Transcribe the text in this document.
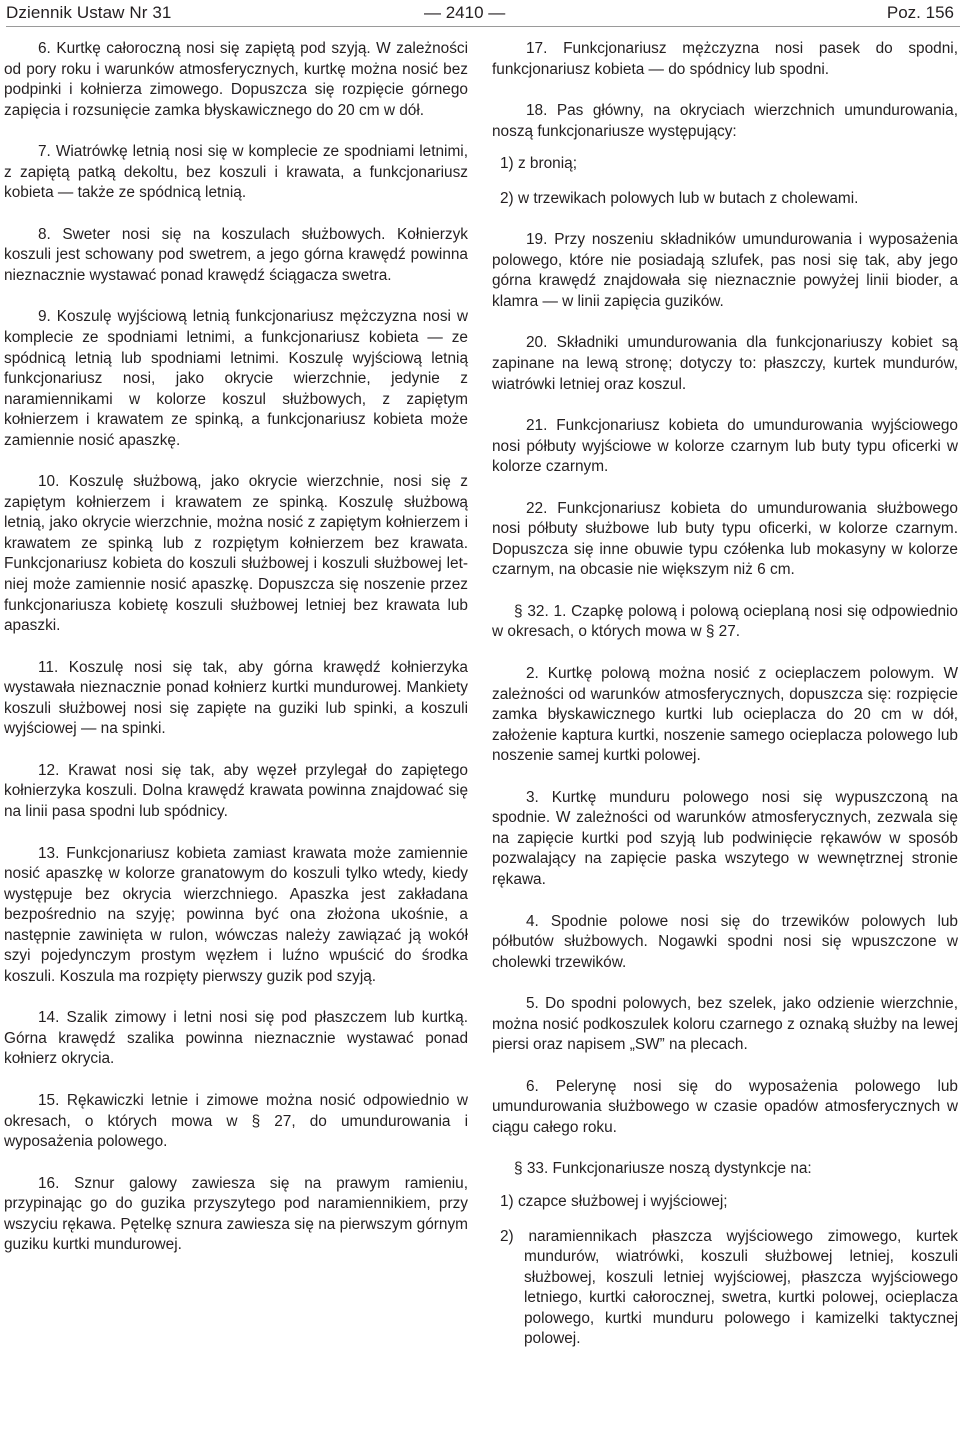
Dziennik Ustaw Nr 31	— 2410 —	Poz. 156

6. Kurtkę całoroczną nosi się zapiętą pod szyją. W zależności od pory roku i warunków atmosferycznych, kurtkę można nosić bez podpinki i kołnierza zimowego. Dopuszcza się rozpięcie górnego zapięcia i rozsunięcie zamka błyskawicznego do 20 cm w dół.

7. Wiatrówkę letnią nosi się w komplecie ze spodniami letnimi, z zapiętą patką dekoltu, bez koszuli i krawata, a funkcjonariusz kobieta — także ze spódnicą letnią.

8. Sweter nosi się na koszulach służbowych. Kołnierzyk koszuli jest schowany pod swetrem, a jego górna krawędź powinna nieznacznie wystawać ponad krawędź ściągacza swetra.

9. Koszulę wyjściową letnią funkcjonariusz mężczyzna nosi w komplecie ze spodniami letnimi, a funkcjonariusz kobieta — ze spódnicą letnią lub spodniami letnimi. Koszulę wyjściową letnią funkcjonariusz nosi, jako okrycie wierzchnie, jedynie z naramiennikami w kolorze koszul służbowych, z zapiętym kołnierzem i krawatem ze spinką, a funkcjonariusz kobieta może zamiennie nosić apaszkę.

10. Koszulę służbową, jako okrycie wierzchnie, nosi się z zapiętym kołnierzem i krawatem ze spinką. Koszulę służbową letnią, jako okrycie wierzchnie, można nosić z zapiętym kołnierzem i krawatem ze spinką lub z rozpiętym kołnierzem bez krawata. Funkcjonariusz kobieta do koszuli służbowej i koszuli służbowej letniej może zamiennie nosić apaszkę. Dopuszcza się noszenie przez funkcjonariusza kobietę koszuli służbowej letniej bez krawata lub apaszki.

11. Koszulę nosi się tak, aby górna krawędź kołnierzyka wystawała nieznacznie ponad kołnierz kurtki mundurowej. Mankiety koszuli służbowej nosi się zapięte na guziki lub spinki, a koszuli wyjściowej — na spinki.

12. Krawat nosi się tak, aby węzeł przylegał do zapiętego kołnierzyka koszuli. Dolna krawędź krawata powinna znajdować się na linii pasa spodni lub spódnicy.

13. Funkcjonariusz kobieta zamiast krawata może zamiennie nosić apaszkę w kolorze granatowym do koszuli tylko wtedy, kiedy występuje bez okrycia wierzchniego. Apaszka jest zakładana bezpośrednio na szyję; powinna być ona złożona ukośnie, a następnie zawinięta w rulon, wówczas należy zawiązać ją wokół szyi pojedynczym prostym węzłem i luźno wpuścić do środka koszuli. Koszula ma rozpięty pierwszy guzik pod szyją.

14. Szalik zimowy i letni nosi się pod płaszczem lub kurtką. Górna krawędź szalika powinna nieznacznie wystawać ponad kołnierz okrycia.

15. Rękawiczki letnie i zimowe można nosić odpowiednio w okresach, o których mowa w § 27, do umundurowania i wyposażenia polowego.

16. Sznur galowy zawiesza się na prawym ramieniu, przypinając go do guzika przyszytego pod naramiennikiem, przy wszyciu rękawa. Pętelkę sznura zawiesza się na pierwszym górnym guziku kurtki mundurowej.

17. Funkcjonariusz mężczyzna nosi pasek do spodni, funkcjonariusz kobieta — do spódnicy lub spodni.

18. Pas główny, na okryciach wierzchnich umundurowania, noszą funkcjonariusze występujący:

1) z bronią;

2) w trzewikach polowych lub w butach z cholewami.

19. Przy noszeniu składników umundurowania i wyposażenia polowego, które nie posiadają szlufek, pas nosi się tak, aby jego górna krawędź znajdowała się nieznacznie powyżej linii bioder, a klamra — w linii zapięcia guzików.

20. Składniki umundurowania dla funkcjonariuszy kobiet są zapinane na lewą stronę; dotyczy to: płaszczy, kurtek mundurów, wiatrówki letniej oraz koszul.

21. Funkcjonariusz kobieta do umundurowania wyjściowego nosi półbuty wyjściowe w kolorze czarnym lub buty typu oficerki w kolorze czarnym.

22. Funkcjonariusz kobieta do umundurowania służbowego nosi półbuty służbowe lub buty typu oficerki, w kolorze czarnym. Dopuszcza się inne obuwie typu czółenka lub mokasyny w kolorze czarnym, na obcasie nie większym niż 6 cm.

§ 32. 1. Czapkę polową i polową ocieplaną nosi się odpowiednio w okresach, o których mowa w § 27.

2. Kurtkę polową można nosić z ocieplaczem polowym. W zależności od warunków atmosferycznych, dopuszcza się: rozpięcie zamka błyskawicznego kurtki lub ocieplacza do 20 cm w dół, założenie kaptura kurtki, noszenie samego ocieplacza polowego lub noszenie samej kurtki polowej.

3. Kurtkę munduru polowego nosi się wypuszczoną na spodnie. W zależności od warunków atmosferycznych, zezwala się na zapięcie kurtki pod szyją lub podwinięcie rękawów w sposób pozwalający na zapięcie paska wszytego w wewnętrznej stronie rękawa.

4. Spodnie polowe nosi się do trzewików polowych lub półbutów służbowych. Nogawki spodni nosi się wpuszczone w cholewki trzewików.

5. Do spodni polowych, bez szelek, jako odzienie wierzchnie, można nosić podkoszulek koloru czarnego z oznaką służby na lewej piersi oraz napisem „SW” na plecach.

6. Pelerynę nosi się do wyposażenia polowego lub umundurowania służbowego w czasie opadów atmosferycznych w ciągu całego roku.

§ 33. Funkcjonariusze noszą dystynkcje na:

1) czapce służbowej i wyjściowej;

2) naramiennikach płaszcza wyjściowego zimowego, kurtek mundurów, wiatrówki, koszuli służbowej letniej, koszuli służbowej, koszuli letniej wyjściowej, płaszcza wyjściowego letniego, kurtki całorocznej, swetra, kurtki polowej, ocieplacza polowego, kurtki munduru polowego i kamizelki taktycznej polowej.
